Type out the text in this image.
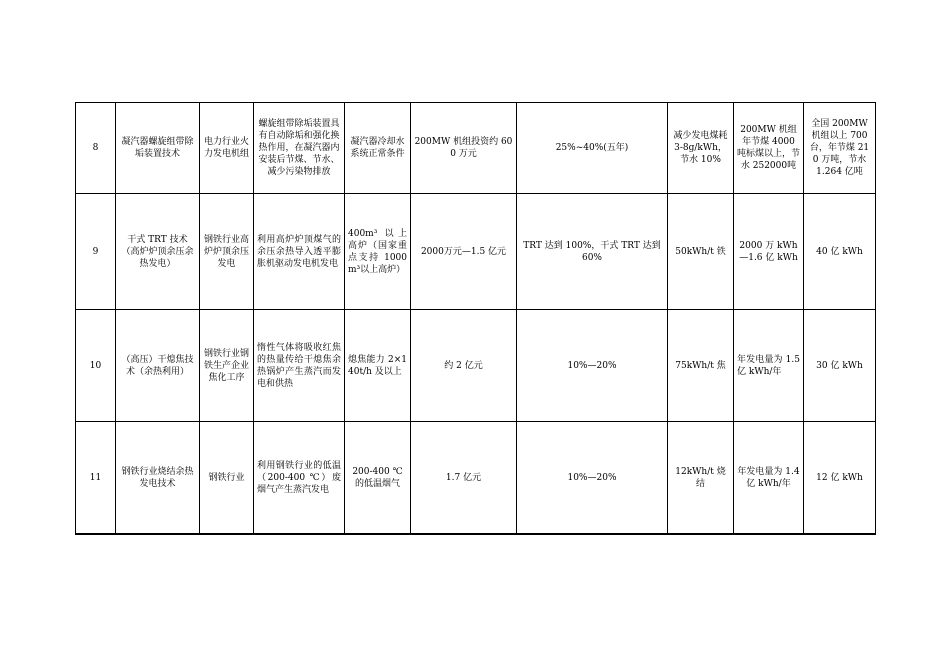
8	凝汽器螺旋组带除垢装置技术	电力行业火力发电机组	螺旋组带除垢装置具有自动除垢和强化换热作用，在凝汽器内安装后节煤、节水、减少污染物排放	凝汽器冷却水系统正常条件	200MW 机组投资约 600 万元	25%~40%(五年)	减少发电煤耗 3-8g/kWh，节水 10%	200MW 机组年节煤 4000 吨标煤以上，节水 252000吨	全国 200MW 机组以上 700 台，年节煤 210 万吨，节水 1.264 亿吨
9	干式 TRT 技术（高炉炉顶余压余热发电）	钢铁行业高炉炉顶余压发电	利用高炉炉顶煤气的余压余热导入透平膨胀机驱动发电机发电	400m³ 以上高炉（国家重点支持 1000m³以上高炉）	2000万元—1.5 亿元	TRT 达到 100%，干式 TRT 达到 60%	50kWh/t 铁	2000 万 kWh—1.6 亿 kWh	40 亿 kWh
10	（高压）干熄焦技术（余热利用）	钢铁行业钢铁生产企业焦化工序	惰性气体将吸收红焦的热量传给干熄焦余热锅炉产生蒸汽而发电和供热	熄焦能力 2×140t/h 及以上	约 2 亿元	10%—20%	75kWh/t 焦	年发电量为 1.5 亿 kWh/年	30 亿 kWh
11	钢铁行业烧结余热发电技术	钢铁行业	利用钢铁行业的低温（200-400 ℃）废烟气产生蒸汽发电	200-400 ℃的低温烟气	1.7 亿元	10%—20%	12kWh/t 烧结	年发电量为 1.4 亿 kWh/年	12 亿 kWh
